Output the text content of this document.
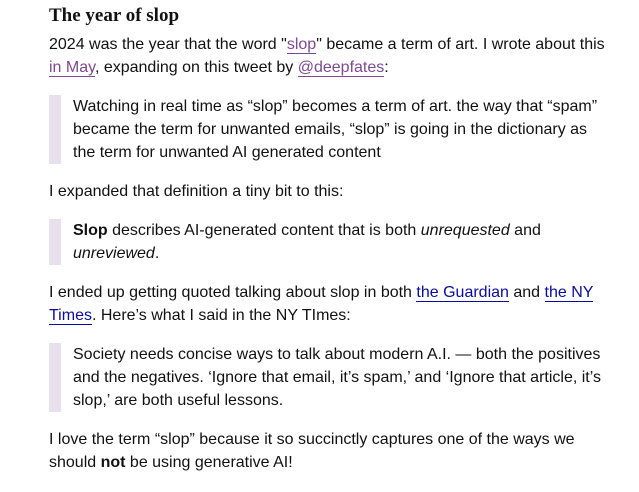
The year of slop

2024 was the year that the word "slop" became a term of art. I wrote about this in May, expanding on this tweet by @deepfates:

Watching in real time as “slop” becomes a term of art. the way that “spam” became the term for unwanted emails, “slop” is going in the dictionary as the term for unwanted AI generated content

I expanded that definition a tiny bit to this:

Slop describes AI-generated content that is both unrequested and unreviewed.

I ended up getting quoted talking about slop in both the Guardian and the NY Times. Here’s what I said in the NY TImes:

Society needs concise ways to talk about modern A.I. — both the positives and the negatives. ‘Ignore that email, it’s spam,’ and ‘Ignore that article, it’s slop,’ are both useful lessons.

I love the term “slop” because it so succinctly captures one of the ways we should not be using generative AI!
